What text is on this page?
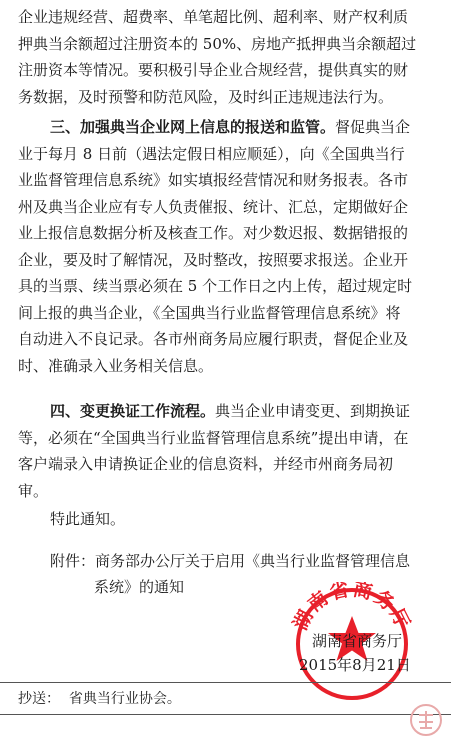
企业违规经营、超费率、单笔超比例、超利率、财产权利质
押典当余额超过注册资本的 50%、房地产抵押典当余额超过
注册资本等情况。要积极引导企业合规经营，提供真实的财
务数据，及时预警和防范风险，及时纠正违规违法行为。

三、加强典当企业网上信息的报送和监管。督促典当企
业于每月 8 日前（遇法定假日相应顺延），向《全国典当行
业监督管理信息系统》如实填报经营情况和财务报表。各市
州及典当企业应有专人负责催报、统计、汇总，定期做好企
业上报信息数据分析及核查工作。对少数迟报、数据错报的
企业，要及时了解情况，及时整改，按照要求报送。企业开
具的当票、续当票必须在 5 个工作日之内上传，超过规定时
间上报的典当企业，《全国典当行业监督管理信息系统》将
自动进入不良记录。各市州商务局应履行职责，督促企业及
时、准确录入业务相关信息。

四、变更换证工作流程。典当企业申请变更、到期换证
等，必须在“全国典当行业监督管理信息系统”提出申请，在
客户端录入申请换证企业的信息资料，并经市州商务局初
审。

特此通知。

附件：商务部办公厅关于启用《典当行业监督管理信息
系统》的通知
湖南省商务厅
湖南省商务厅
2015年8月21日
抄送： 省典当行业协会。
